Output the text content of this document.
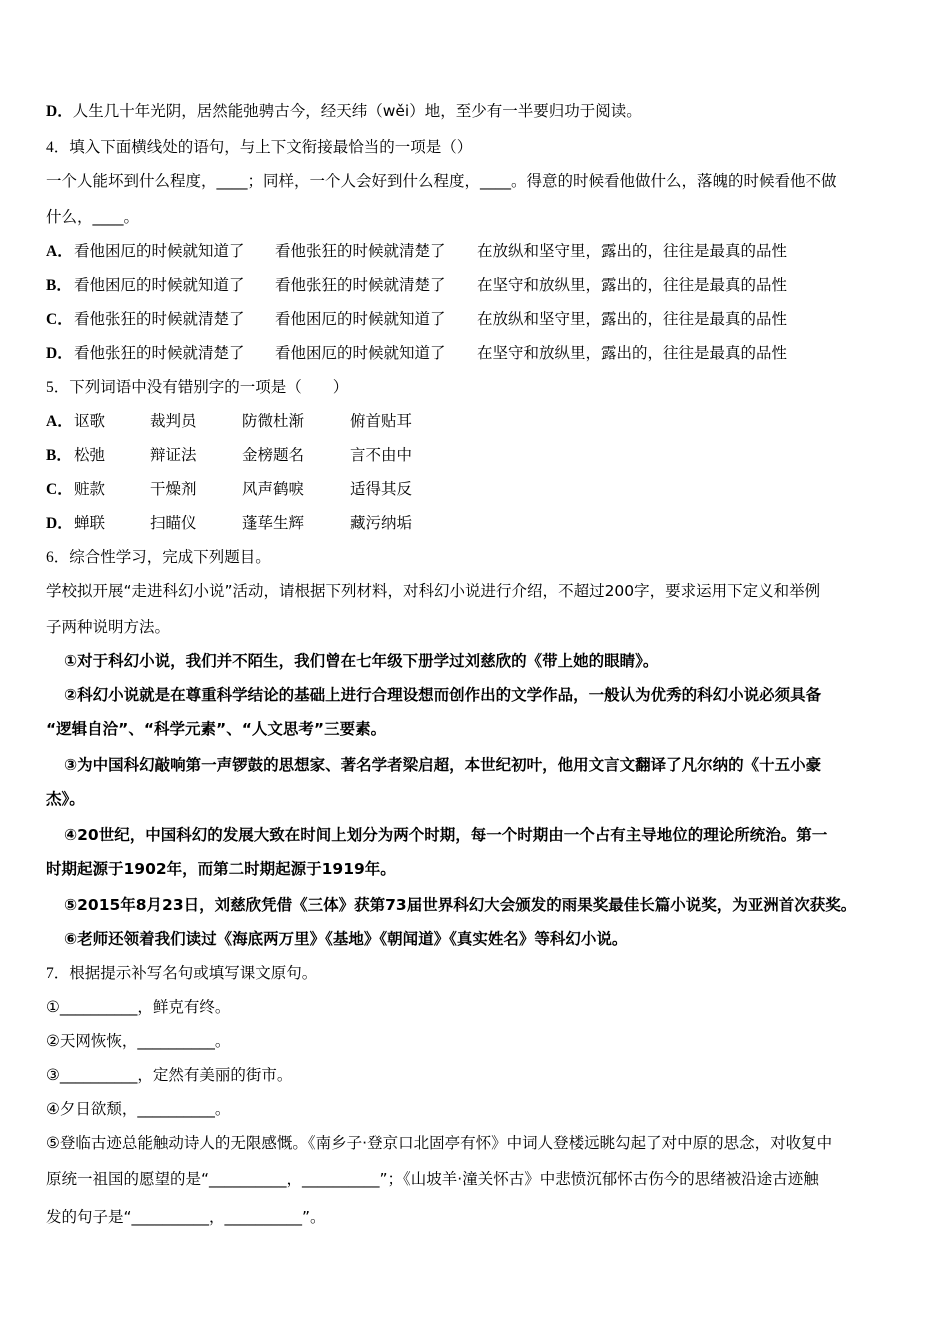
D．人生几十年光阴，居然能弛骋古今，经天纬（wěi）地，至少有一半要归功于阅读。
4．填入下面横线处的语句，与上下文衔接最恰当的一项是（）
一个人能坏到什么程度，____；同样，一个人会好到什么程度，____。得意的时候看他做什么，落魄的时候看他不做
什么，____。
A． 看他困厄的时候就知道了 看他张狂的时候就清楚了 在放纵和坚守里，露出的，往往是最真的品性
B． 看他困厄的时候就知道了 看他张狂的时候就清楚了 在坚守和放纵里，露出的，往往是最真的品性
C． 看他张狂的时候就清楚了 看他困厄的时候就知道了 在放纵和坚守里，露出的，往往是最真的品性
D． 看他张狂的时候就清楚了 看他困厄的时候就知道了 在坚守和放纵里，露出的，往往是最真的品性
5．下列词语中没有错别字的一项是（　　）
A． 讴歌	裁判员	防微杜渐	俯首贴耳
B． 松弛	辩证法	金榜题名	言不由中
C． 赃款	干燥剂	风声鹤唳	适得其反
D． 蝉联	扫瞄仪	蓬荜生辉	藏污纳垢
6．综合性学习，完成下列题目。
学校拟开展“走进科幻小说”活动，请根据下列材料，对科幻小说进行介绍，不超过200字，要求运用下定义和举例
子两种说明方法。
①对于科幻小说，我们并不陌生，我们曾在七年级下册学过刘慈欣的《带上她的眼睛》。
②科幻小说就是在尊重科学结论的基础上进行合理设想而创作出的文学作品，一般认为优秀的科幻小说必须具备
“逻辑自洽”、“科学元素”、“人文思考”三要素。
③为中国科幻敲响第一声锣鼓的思想家、著名学者梁启超，本世纪初叶，他用文言文翻译了凡尔纳的《十五小豪
杰》。
④20世纪，中国科幻的发展大致在时间上划分为两个时期，每一个时期由一个占有主导地位的理论所统治。第一
时期起源于1902年，而第二时期起源于1919年。
⑤2015年8月23日，刘慈欣凭借《三体》获第73届世界科幻大会颁发的雨果奖最佳长篇小说奖，为亚洲首次获奖。
⑥老师还领着我们读过《海底两万里》《基地》《朝闻道》《真实姓名》等科幻小说。
7．根据提示补写名句或填写课文原句。
①__________，鲜克有终。
②天网恢恢，__________。
③__________，定然有美丽的街市。
④夕日欲颓，__________。
⑤登临古迹总能触动诗人的无限感慨。《南乡子·登京口北固亭有怀》中词人登楼远眺勾起了对中原的思念，对收复中
原统一祖国的愿望的是“__________，__________”；《山坡羊·潼关怀古》中悲愤沉郁怀古伤今的思绪被沿途古迹触
发的句子是“__________，__________”。
